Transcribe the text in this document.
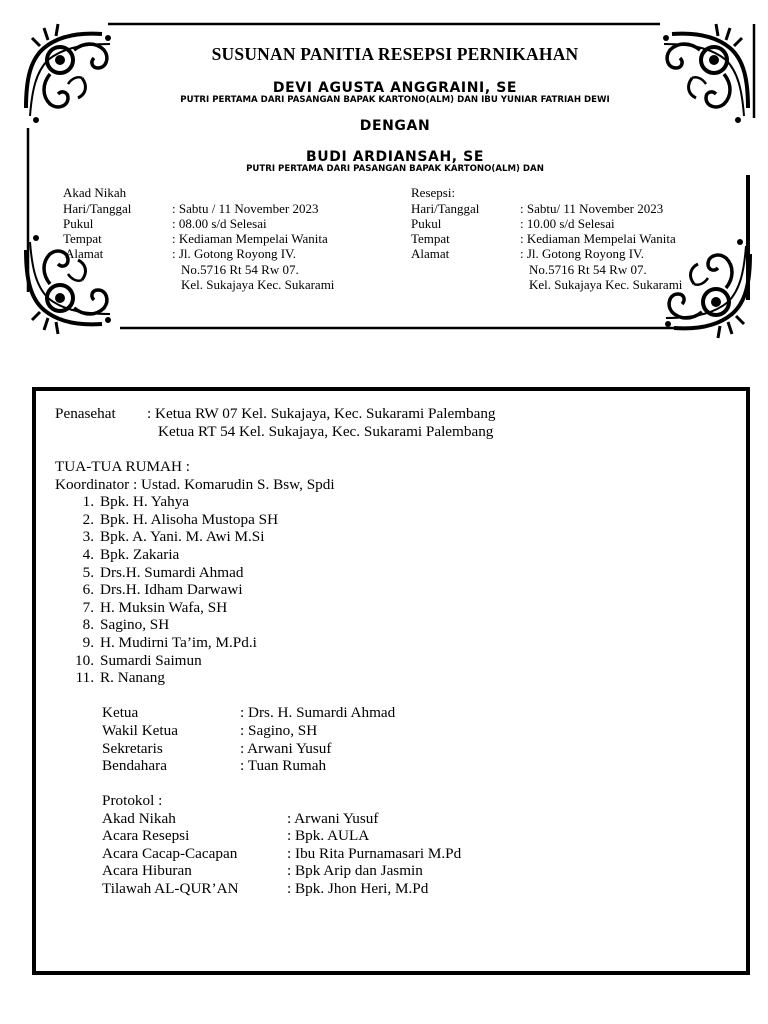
SUSUNAN PANITIA RESEPSI PERNIKAHAN
DEVI AGUSTA ANGGRAINI, SE
PUTRI PERTAMA DARI PASANGAN BAPAK KARTONO(ALM) DAN IBU YUNIAR FATRIAH DEWI
DENGAN
BUDI ARDIANSAH, SE
PUTRI PERTAMA DARI PASANGAN BAPAK KARTONO(ALM) DAN
Akad Nikah
Hari/Tanggal	: Sabtu / 11 November 2023
Pukul	: 08.00 s/d Selesai
Tempat	: Kediaman Mempelai Wanita
Alamat	: Jl. Gotong Royong IV.
No.5716 Rt 54 Rw 07.
Kel. Sukajaya Kec. Sukarami
Resepsi:
Hari/Tanggal	: Sabtu/ 11 November 2023
Pukul	: 10.00 s/d Selesai
Tempat	: Kediaman Mempelai Wanita
Alamat	: Jl. Gotong Royong IV.
No.5716 Rt 54 Rw 07.
Kel. Sukajaya Kec. Sukarami
Penasehat : Ketua RW 07 Kel. Sukajaya, Kec. Sukarami Palembang
Ketua RT 54 Kel. Sukajaya, Kec. Sukarami Palembang
TUA-TUA RUMAH :
Koordinator : Ustad. Komarudin S. Bsw, Spdi
1. Bpk. H. Yahya
2. Bpk. H. Alisoha Mustopa SH
3. Bpk. A. Yani. M. Awi M.Si
4. Bpk. Zakaria
5. Drs.H. Sumardi Ahmad
6. Drs.H. Idham Darwawi
7. H. Muksin Wafa, SH
8. Sagino, SH
9. H. Mudirni Ta’im, M.Pd.i
10. Sumardi Saimun
11. R. Nanang
Ketua	: Drs. H. Sumardi Ahmad
Wakil Ketua	: Sagino, SH
Sekretaris	: Arwani Yusuf
Bendahara	: Tuan Rumah
Protokol :
Akad Nikah	: Arwani Yusuf
Acara Resepsi	: Bpk. AULA
Acara Cacap-Cacapan	: Ibu Rita Purnamasari M.Pd
Acara Hiburan	: Bpk Arip dan Jasmin
Tilawah AL-QUR’AN	: Bpk. Jhon Heri, M.Pd
